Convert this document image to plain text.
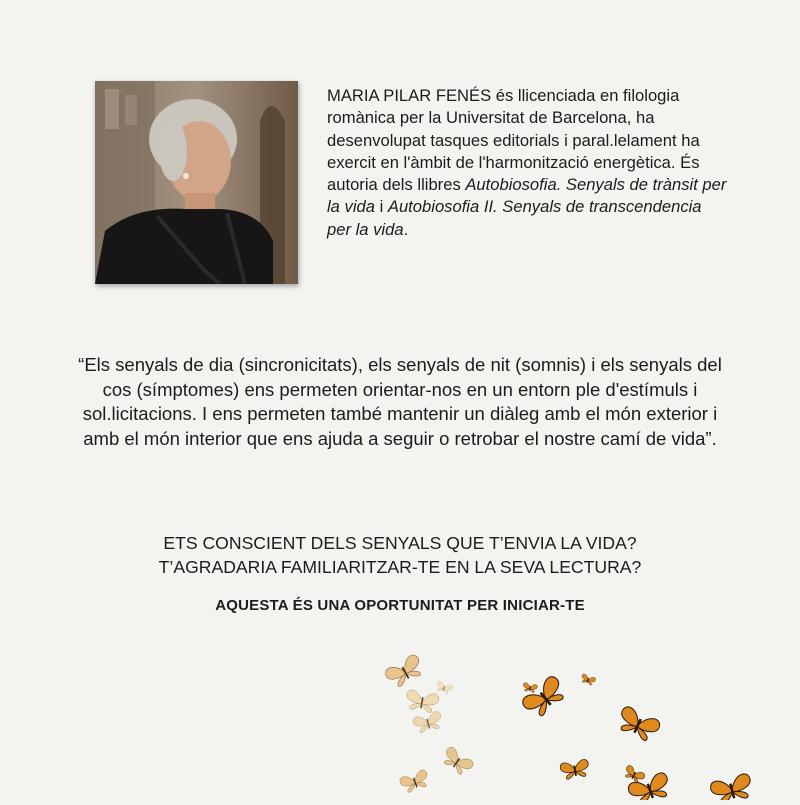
MARIA PILAR FENÉS és llicenciada en filologia romànica per la Universitat de Barcelona, ha desenvolupat tasques editorials i paral.lelament ha exercit en l'àmbit de l'harmonització energètica. És autoria dels llibres Autobiosofia. Senyals de trànsit per la vida i Autobiosofia II. Senyals de transcendencia per la vida.

“Els senyals de dia (sincronicitats), els senyals de nit (somnis) i els senyals del cos (símptomes) ens permeten orientar-nos en un entorn ple d'estímuls i sol.licitacions. I ens permeten també mantenir un diàleg amb el món exterior i amb el món interior que ens ajuda a seguir o retrobar el nostre camí de vida”.

ETS CONSCIENT DELS SENYALS QUE T’ENVIA LA VIDA?
T’AGRADARIA FAMILIARITZAR-TE EN LA SEVA LECTURA?

AQUESTA ÉS UNA OPORTUNITAT PER INICIAR-TE
